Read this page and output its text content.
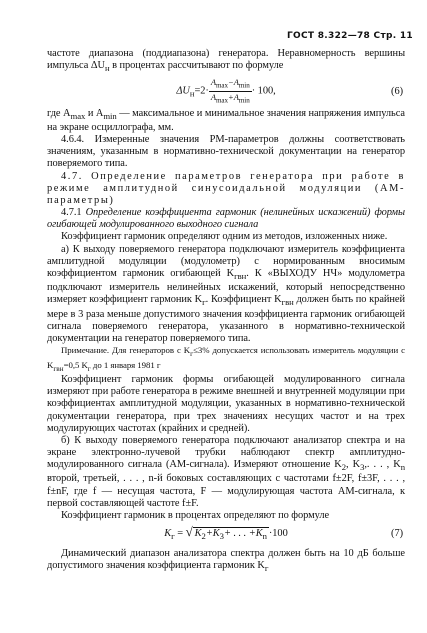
ГОСТ 8.322—78 Стр. 11

частоте диапазона (поддиапазона) генератора. Неравномерность вершины импульса $\Delta U_н$ в процентах рассчитывают по формуле

$\Delta U_н=2\cdot \frac{A_{max}-A_{min}}{A_{max}+A_{min}} \cdot 100$,	(6)

где $A_{max}$ и $A_{min}$ — максимальное и минимальное значения напряжения импульса на экране осциллографа, мм.

4.6.4. Измеренные значения РМ-параметров должны соответствовать значениям, указанным в нормативно-технической документации на генератор поверяемого типа.

4.7. Определение параметров генератора при работе в режиме амплитудной синусоидальной модуляции (АМ-параметры)

4.7.1 Определение коэффициента гармоник (нелинейных искажений) формы огибающей модулированного выходного сигнала

Коэффициент гармоник определяют одним из методов, изложенных ниже.

а) К выходу поверяемого генератора подключают измеритель коэффициента амплитудной модуляции (модулометр) с нормированным вносимым коэффициентом гармоник огибающей $K_{гвн}$. К «ВЫХОДУ НЧ» модулометра подключают измеритель нелинейных искажений, который непосредственно измеряет коэффициент гармоник $K_г$. Коэффициент $K_{гвн}$ должен быть по крайней мере в 3 раза меньше допустимого значения коэффициента гармоник огибающей сигнала поверяемого генератора, указанного в нормативно-технической документации на генератор поверяемого типа.

Примечание. Для генераторов с $K_г\le 3\%$ допускается использовать измеритель модуляции с $K_{гвн}=0,5$ $K_г$ до 1 января 1981 г

Коэффициент гармоник формы огибающей модулированного сигнала измеряют при работе генератора в режиме внешней и внутренней модуляции при коэффициентах амплитудной модуляции, указанных в нормативно-технической документации генератора, при трех значениях несущих частот и на трех модулирующих частотах (крайних и средней).

б) К выходу поверяемого генератора подключают анализатор спектра и на экране электронно-лучевой трубки наблюдают спектр амплитудно-модулированного сигнала (АМ-сигнала). Измеряют отношение $K_2$, $K_3$,. . . , $K_n$ второй, третьей, . . . , n-й боковых составляющих с частотами f±2F, f±3F, . . . , f±nF, где f — несущая частота, F — модулирующая частота АМ-сигнала, к первой составляющей частоте f±F.

Коэффициент гармоник в процентах определяют по формуле

$K_г$ = √ $K_2+K_3+$ . . . $+K_n \cdot 100$	(7)

Динамический диапазон анализатора спектра должен быть на 10 дБ больше допустимого значения коэффициента гармоник $K_г$
